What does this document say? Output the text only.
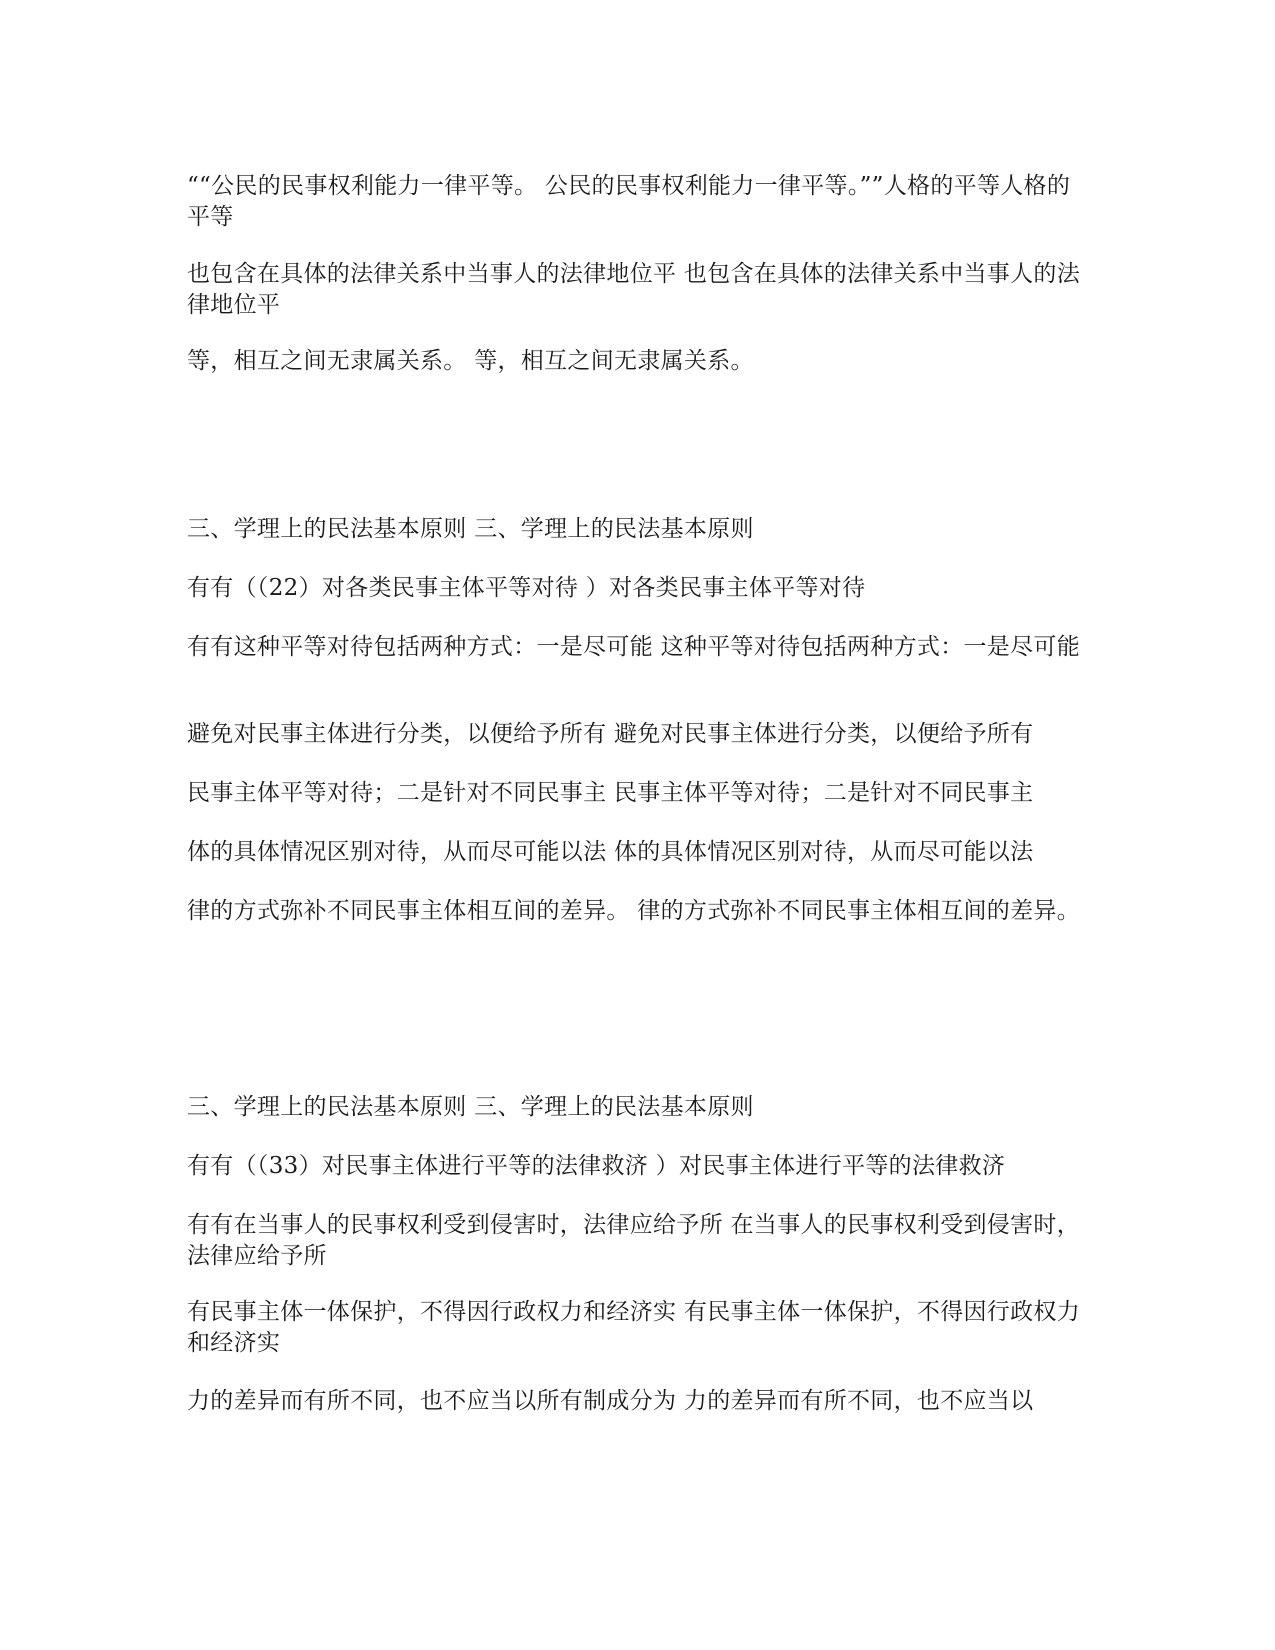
““公民的民事权利能力一律平等。 公民的民事权利能力一律平等。””人格的平等人格的平等

也包含在具体的法律关系中当事人的法律地位平 也包含在具体的法律关系中当事人的法律地位平

等，相互之间无隶属关系。 等，相互之间无隶属关系。

三、学理上的民法基本原则 三、学理上的民法基本原则

有有（（22）对各类民事主体平等对待 ）对各类民事主体平等对待

有有这种平等对待包括两种方式：一是尽可能 这种平等对待包括两种方式：一是尽可能

避免对民事主体进行分类，以便给予所有 避免对民事主体进行分类，以便给予所有

民事主体平等对待；二是针对不同民事主 民事主体平等对待；二是针对不同民事主

体的具体情况区别对待，从而尽可能以法 体的具体情况区别对待，从而尽可能以法

律的方式弥补不同民事主体相互间的差异。 律的方式弥补不同民事主体相互间的差异。

三、学理上的民法基本原则 三、学理上的民法基本原则

有有（（33）对民事主体进行平等的法律救济 ）对民事主体进行平等的法律救济

有有在当事人的民事权利受到侵害时，法律应给予所 在当事人的民事权利受到侵害时，法律应给予所

有民事主体一体保护，不得因行政权力和经济实 有民事主体一体保护，不得因行政权力和经济实

力的差异而有所不同，也不应当以所有制成分为 力的差异而有所不同，也不应当以
